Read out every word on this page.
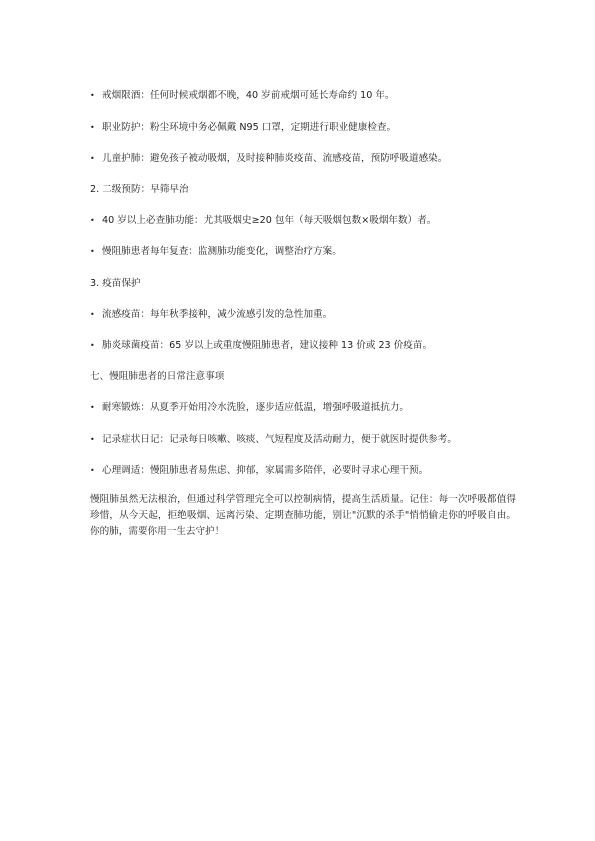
• 戒烟限酒：任何时候戒烟都不晚，40 岁前戒烟可延长寿命约 10 年。
• 职业防护：粉尘环境中务必佩戴 N95 口罩，定期进行职业健康检查。
• 儿童护肺：避免孩子被动吸烟，及时接种肺炎疫苗、流感疫苗，预防呼吸道感染。
2. 二级预防：早筛早治
• 40 岁以上必查肺功能：尤其吸烟史≥20 包年（每天吸烟包数×吸烟年数）者。
• 慢阻肺患者每年复查：监测肺功能变化，调整治疗方案。
3. 疫苗保护
• 流感疫苗：每年秋季接种，减少流感引发的急性加重。
• 肺炎球菌疫苗：65 岁以上或重度慢阻肺患者，建议接种 13 价或 23 价疫苗。
七、慢阻肺患者的日常注意事项
• 耐寒锻炼：从夏季开始用冷水洗脸，逐步适应低温，增强呼吸道抵抗力。
• 记录症状日记：记录每日咳嗽、咳痰、气短程度及活动耐力，便于就医时提供参考。
• 心理调适：慢阻肺患者易焦虑、抑郁，家属需多陪伴，必要时寻求心理干预。
慢阻肺虽然无法根治，但通过科学管理完全可以控制病情，提高生活质量。记住：每一次呼吸都值得珍惜，从今天起，拒绝吸烟、远离污染、定期查肺功能，别让"沉默的杀手"悄悄偷走你的呼吸自由。你的肺，需要你用一生去守护！
